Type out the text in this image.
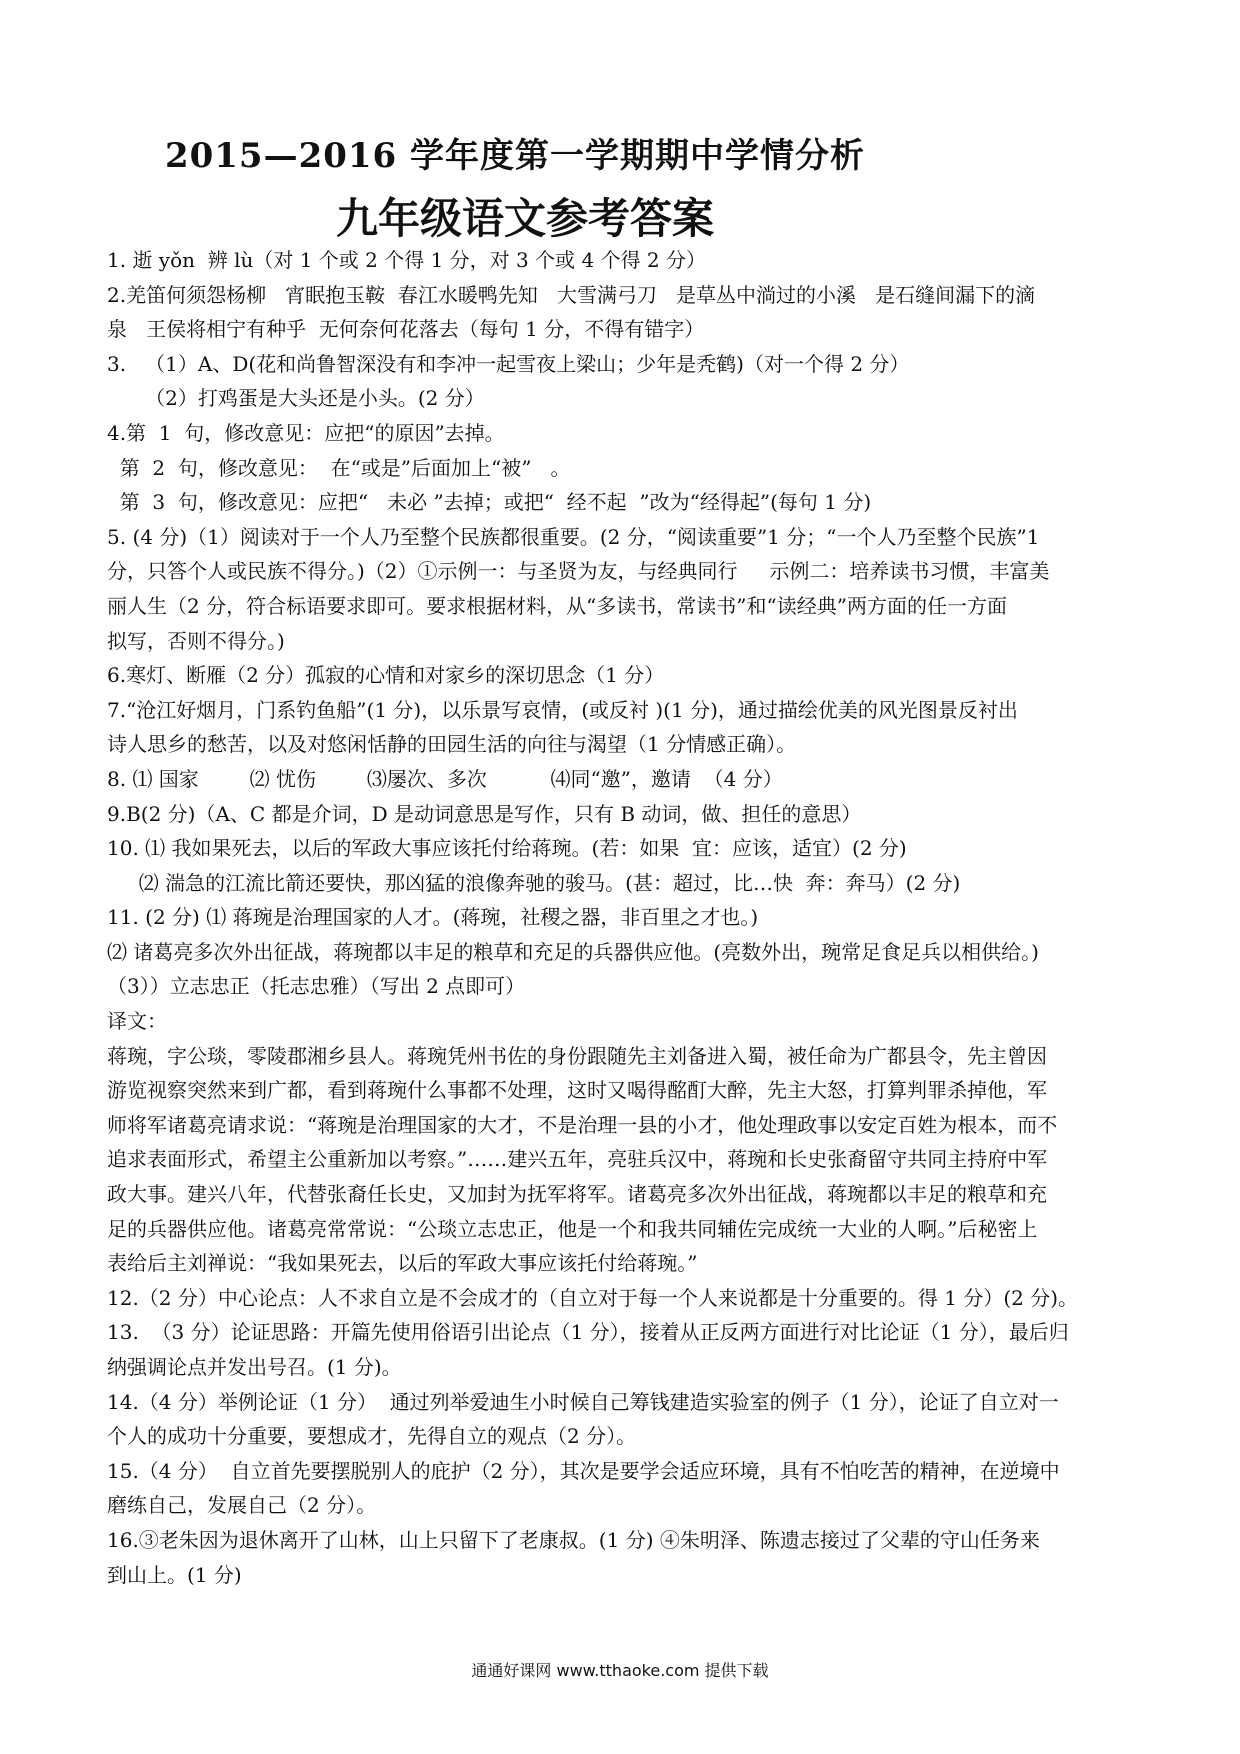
2015—2016 学年度第一学期期中学情分析
九年级语文参考答案
1. 逝 yǒn  辨 lù（对 1 个或 2 个得 1 分，对 3 个或 4 个得 2 分）
2.羌笛何须怨杨柳   宵眠抱玉鞍  春江水暖鸭先知   大雪满弓刀   是草丛中淌过的小溪   是石缝间漏下的滴
泉   王侯将相宁有种乎  无何奈何花落去（每句 1 分，不得有错字）
3.   （1）A、D(花和尚鲁智深没有和李冲一起雪夜上梁山；少年是秃鹤)（对一个得 2 分）
（2）打鸡蛋是大头还是小头。(2 分）
4.第  1  句，修改意见：应把“的原因”去掉。
第  2  句，修改意见：  在“或是”后面加上“被”   。
第  3  句，修改意见：应把“   未必 ”去掉；或把“  经不起  ”改为“经得起”(每句 1 分)
5. (4 分)（1）阅读对于一个人乃至整个民族都很重要。(2 分，“阅读重要”1 分；“一个人乃至整个民族”1
分，只答个人或民族不得分。)（2）①示例一：与圣贤为友，与经典同行     示例二：培养读书习惯，丰富美
丽人生（2 分，符合标语要求即可。要求根据材料，从“多读书，常读书”和“读经典”两方面的任一方面
拟写，否则不得分。)
6.寒灯、断雁（2 分）孤寂的心情和对家乡的深切思念（1 分）
7.“沧江好烟月，门系钓鱼船”(1 分)，以乐景写哀情，(或反衬 )(1 分)，通过描绘优美的风光图景反衬出
诗人思乡的愁苦，以及对悠闲恬静的田园生活的向往与渴望（1 分情感正确）。
8. ⑴ 国家        ⑵ 忧伤        ⑶屡次、多次          ⑷同“邀”，邀请  （4 分）
9.B(2 分)（A、C 都是介词，D 是动词意思是写作，只有 B 动词，做、担任的意思）
10. ⑴ 我如果死去，以后的军政大事应该托付给蒋琬。(若：如果  宜：应该，适宜）(2 分)
⑵ 湍急的江流比箭还要快，那凶猛的浪像奔驰的骏马。(甚：超过，比…快  奔：奔马）(2 分)
11. (2 分) ⑴ 蒋琬是治理国家的人才。(蒋琬，社稷之器，非百里之才也。)
⑵ 诸葛亮多次外出征战，蒋琬都以丰足的粮草和充足的兵器供应他。(亮数外出，琬常足食足兵以相供给。)
（3））立志忠正（托志忠雅）（写出 2 点即可）
译文：
蒋琬，字公琰，零陵郡湘乡县人。蒋琬凭州书佐的身份跟随先主刘备进入蜀，被任命为广都县令，先主曾因
游览视察突然来到广都，看到蒋琬什么事都不处理，这时又喝得酩酊大醉，先主大怒，打算判罪杀掉他，军
师将军诸葛亮请求说：“蒋琬是治理国家的大才，不是治理一县的小才，他处理政事以安定百姓为根本，而不
追求表面形式，希望主公重新加以考察。”……建兴五年，亮驻兵汉中，蒋琬和长史张裔留守共同主持府中军
政大事。建兴八年，代替张裔任长史，又加封为抚军将军。诸葛亮多次外出征战，蒋琬都以丰足的粮草和充
足的兵器供应他。诸葛亮常常说：“公琰立志忠正，他是一个和我共同辅佐完成统一大业的人啊。”后秘密上
表给后主刘禅说：“我如果死去，以后的军政大事应该托付给蒋琬。”
12.（2 分）中心论点：人不求自立是不会成才的（自立对于每一个人来说都是十分重要的。得 1 分）(2 分)。
13.  （3 分）论证思路：开篇先使用俗语引出论点（1 分），接着从正反两方面进行对比论证（1 分），最后归
纳强调论点并发出号召。(1 分)。
14.（4 分）举例论证（1 分）  通过列举爱迪生小时候自己筹钱建造实验室的例子（1 分），论证了自立对一
个人的成功十分重要，要想成才，先得自立的观点（2 分）。
15.（4 分）  自立首先要摆脱别人的庇护（2 分），其次是要学会适应环境，具有不怕吃苦的精神，在逆境中
磨练自己，发展自己（2 分）。
16.③老朱因为退休离开了山林，山上只留下了老康叔。(1 分) ④朱明泽、陈遗志接过了父辈的守山任务来
到山上。(1 分)
通通好课网 www.tthaoke.com 提供下载
